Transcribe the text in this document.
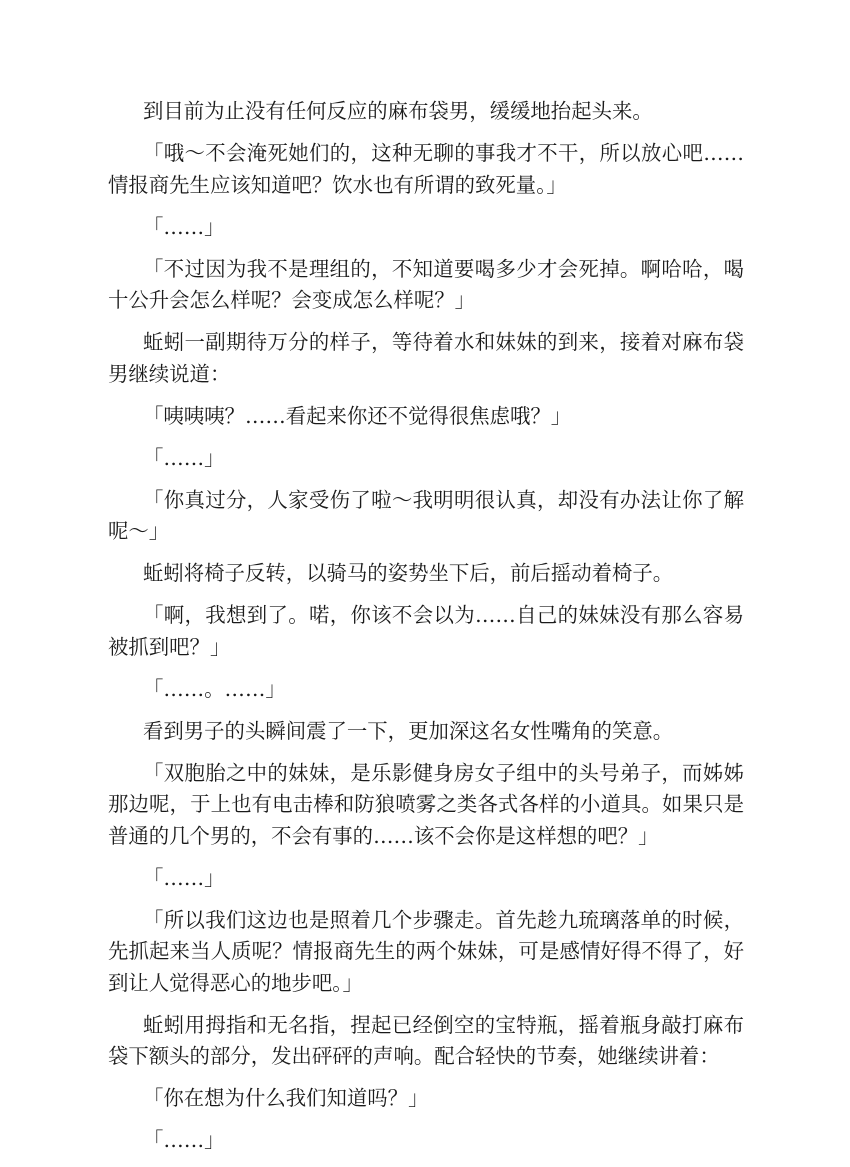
到目前为止没有任何反应的麻布袋男，缓缓地抬起头来。

「哦～不会淹死她们的，这种无聊的事我才不干，所以放心吧……情报商先生应该知道吧？饮水也有所谓的致死量。」

「……」

「不过因为我不是理组的，不知道要喝多少才会死掉。啊哈哈，喝十公升会怎么样呢？会变成怎么样呢？」

蚯蚓一副期待万分的样子，等待着水和妹妹的到来，接着对麻布袋男继续说道：

「咦咦咦？……看起来你还不觉得很焦虑哦？」

「……」

「你真过分，人家受伤了啦～我明明很认真，却没有办法让你了解呢～」

蚯蚓将椅子反转，以骑马的姿势坐下后，前后摇动着椅子。

「啊，我想到了。喏，你该不会以为……自己的妹妹没有那么容易被抓到吧？」

「……。……」

看到男子的头瞬间震了一下，更加深这名女性嘴角的笑意。

「双胞胎之中的妹妹，是乐影健身房女子组中的头号弟子，而姊姊那边呢，于上也有电击棒和防狼喷雾之类各式各样的小道具。如果只是普通的几个男的，不会有事的……该不会你是这样想的吧？」

「……」

「所以我们这边也是照着几个步骤走。首先趁九琉璃落单的时候，先抓起来当人质呢？情报商先生的两个妹妹，可是感情好得不得了，好到让人觉得恶心的地步吧。」

蚯蚓用拇指和无名指，捏起已经倒空的宝特瓶，摇着瓶身敲打麻布袋下额头的部分，发出砰砰的声响。配合轻快的节奏，她继续讲着：

「你在想为什么我们知道吗？」

「……」
